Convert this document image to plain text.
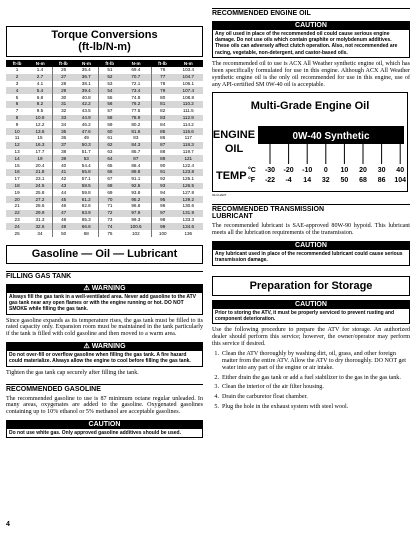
Torque Conversions
(ft-lb/N-m)
ft-lb	N-m	ft-lb	N-m	ft-lb	N-m	ft-lb	N-m
1	1.4	26	35.4	51	69.4	76	103.4
2	2.7	27	36.7	52	70.7	77	104.7
3	4.1	28	38.1	53	72.1	78	106.1
4	5.4	29	39.4	54	73.4	79	107.4
5	6.8	30	40.8	55	74.8	80	108.8
6	8.2	31	42.2	56	76.2	81	110.2
7	9.5	32	43.5	57	77.5	82	111.5
8	10.9	33	44.9	58	78.9	83	112.9
9	12.2	34	46.2	59	80.2	84	114.2
10	13.6	35	47.6	60	81.6	85	115.6
11	15	36	49	61	83	86	117
12	16.3	37	50.3	62	84.3	87	118.3
13	17.7	38	51.7	63	85.7	88	119.7
14	19	39	53	64	87	89	121
15	20.4	40	54.4	65	88.4	90	122.4
16	21.8	41	55.8	66	89.8	91	123.8
17	23.1	42	57.1	67	91.1	92	125.1
18	24.5	43	58.5	68	92.5	93	126.5
19	25.8	44	59.8	69	93.8	94	127.8
20	27.2	45	61.2	70	95.2	95	129.2
21	28.6	46	62.6	71	96.6	96	130.6
22	29.9	47	63.9	72	97.9	97	131.9
23	31.3	48	65.3	73	99.3	98	133.3
24	32.6	49	66.6	74	100.6	99	134.6
25	34	50	68	75	102	100	136
Gasoline — Oil — Lubricant
FILLING GAS TANK
⚠ WARNING
Always fill the gas tank in a well-ventilated area. Never add gasoline to the ATV gas tank near any open flames or with the engine running or hot. DO NOT SMOKE while filling the gas tank.

Since gasoline expands as its temperature rises, the gas tank must be filled to its rated capacity only. Expansion room must be maintained in the tank particularly if the tank is filled with cold gasoline and then moved to a warm area.

⚠ WARNING
Do not over-fill or overflow gasoline when filling the gas tank. A fire hazard could materialize. Always allow the engine to cool before filling the gas tank.

Tighten the gas tank cap securely after filling the tank.

RECOMMENDED GASOLINE

The recommended gasoline to use is 87 minimum octane regular unleaded. In many areas, oxygenates are added to the gasoline. Oxygenated gasolines containing up to 10% ethanol or 5% methanol are acceptable gasolines.

CAUTION
Do not use white gas. Only approved gasoline additives should be used.
4
RECOMMENDED ENGINE OIL
CAUTION
Any oil used in place of the recommended oil could cause serious engine damage. Do not use oils which contain graphite or molybdenum additives. These oils can adversely affect clutch operation. Also, not recommended are racing, vegetable, non-detergent, and castor-based oils.

The recommended oil to use is ACX All Weather synthetic engine oil, which has been specifically formulated for use in this engine. Although ACX All Weather synthetic engine oil is the only oil recommended for use in this engine, use of any API-certified SM 0W-40 oil is acceptable.

Multi-Grade Engine Oil
ENGINE
OIL
0W-40 Synthetic
TEMP °C
°F
-30 -20 -10 0 10 20 30 40
-22 -4 14 32 50 68 86 104
0ILCHART
RECOMMENDED TRANSMISSION
LUBRICANT

The recommended lubricant is SAE-approved 80W-90 hypoid. This lubricant meets all the lubrication requirements of the transmission.

CAUTION
Any lubricant used in place of the recommended lubricant could cause serious transmission damage.
Preparation for Storage
CAUTION
Prior to storing the ATV, it must be properly serviced to prevent rusting and component deterioration.

Use the following procedure to prepare the ATV for storage. An authorized dealer should perform this service; however, the owner/operator may perform this service if desired.

1. Clean the ATV thoroughly by washing dirt, oil, grass, and other foreign matter from the entire ATV. Allow the ATV to dry thoroughly. DO NOT get water into any part of the engine or air intake.
2. Either drain the gas tank or add a fuel stabilizer to the gas in the gas tank.
3. Clean the interior of the air filter housing.
4. Drain the carburetor float chamber.
5. Plug the hole in the exhaust system with steel wool.
